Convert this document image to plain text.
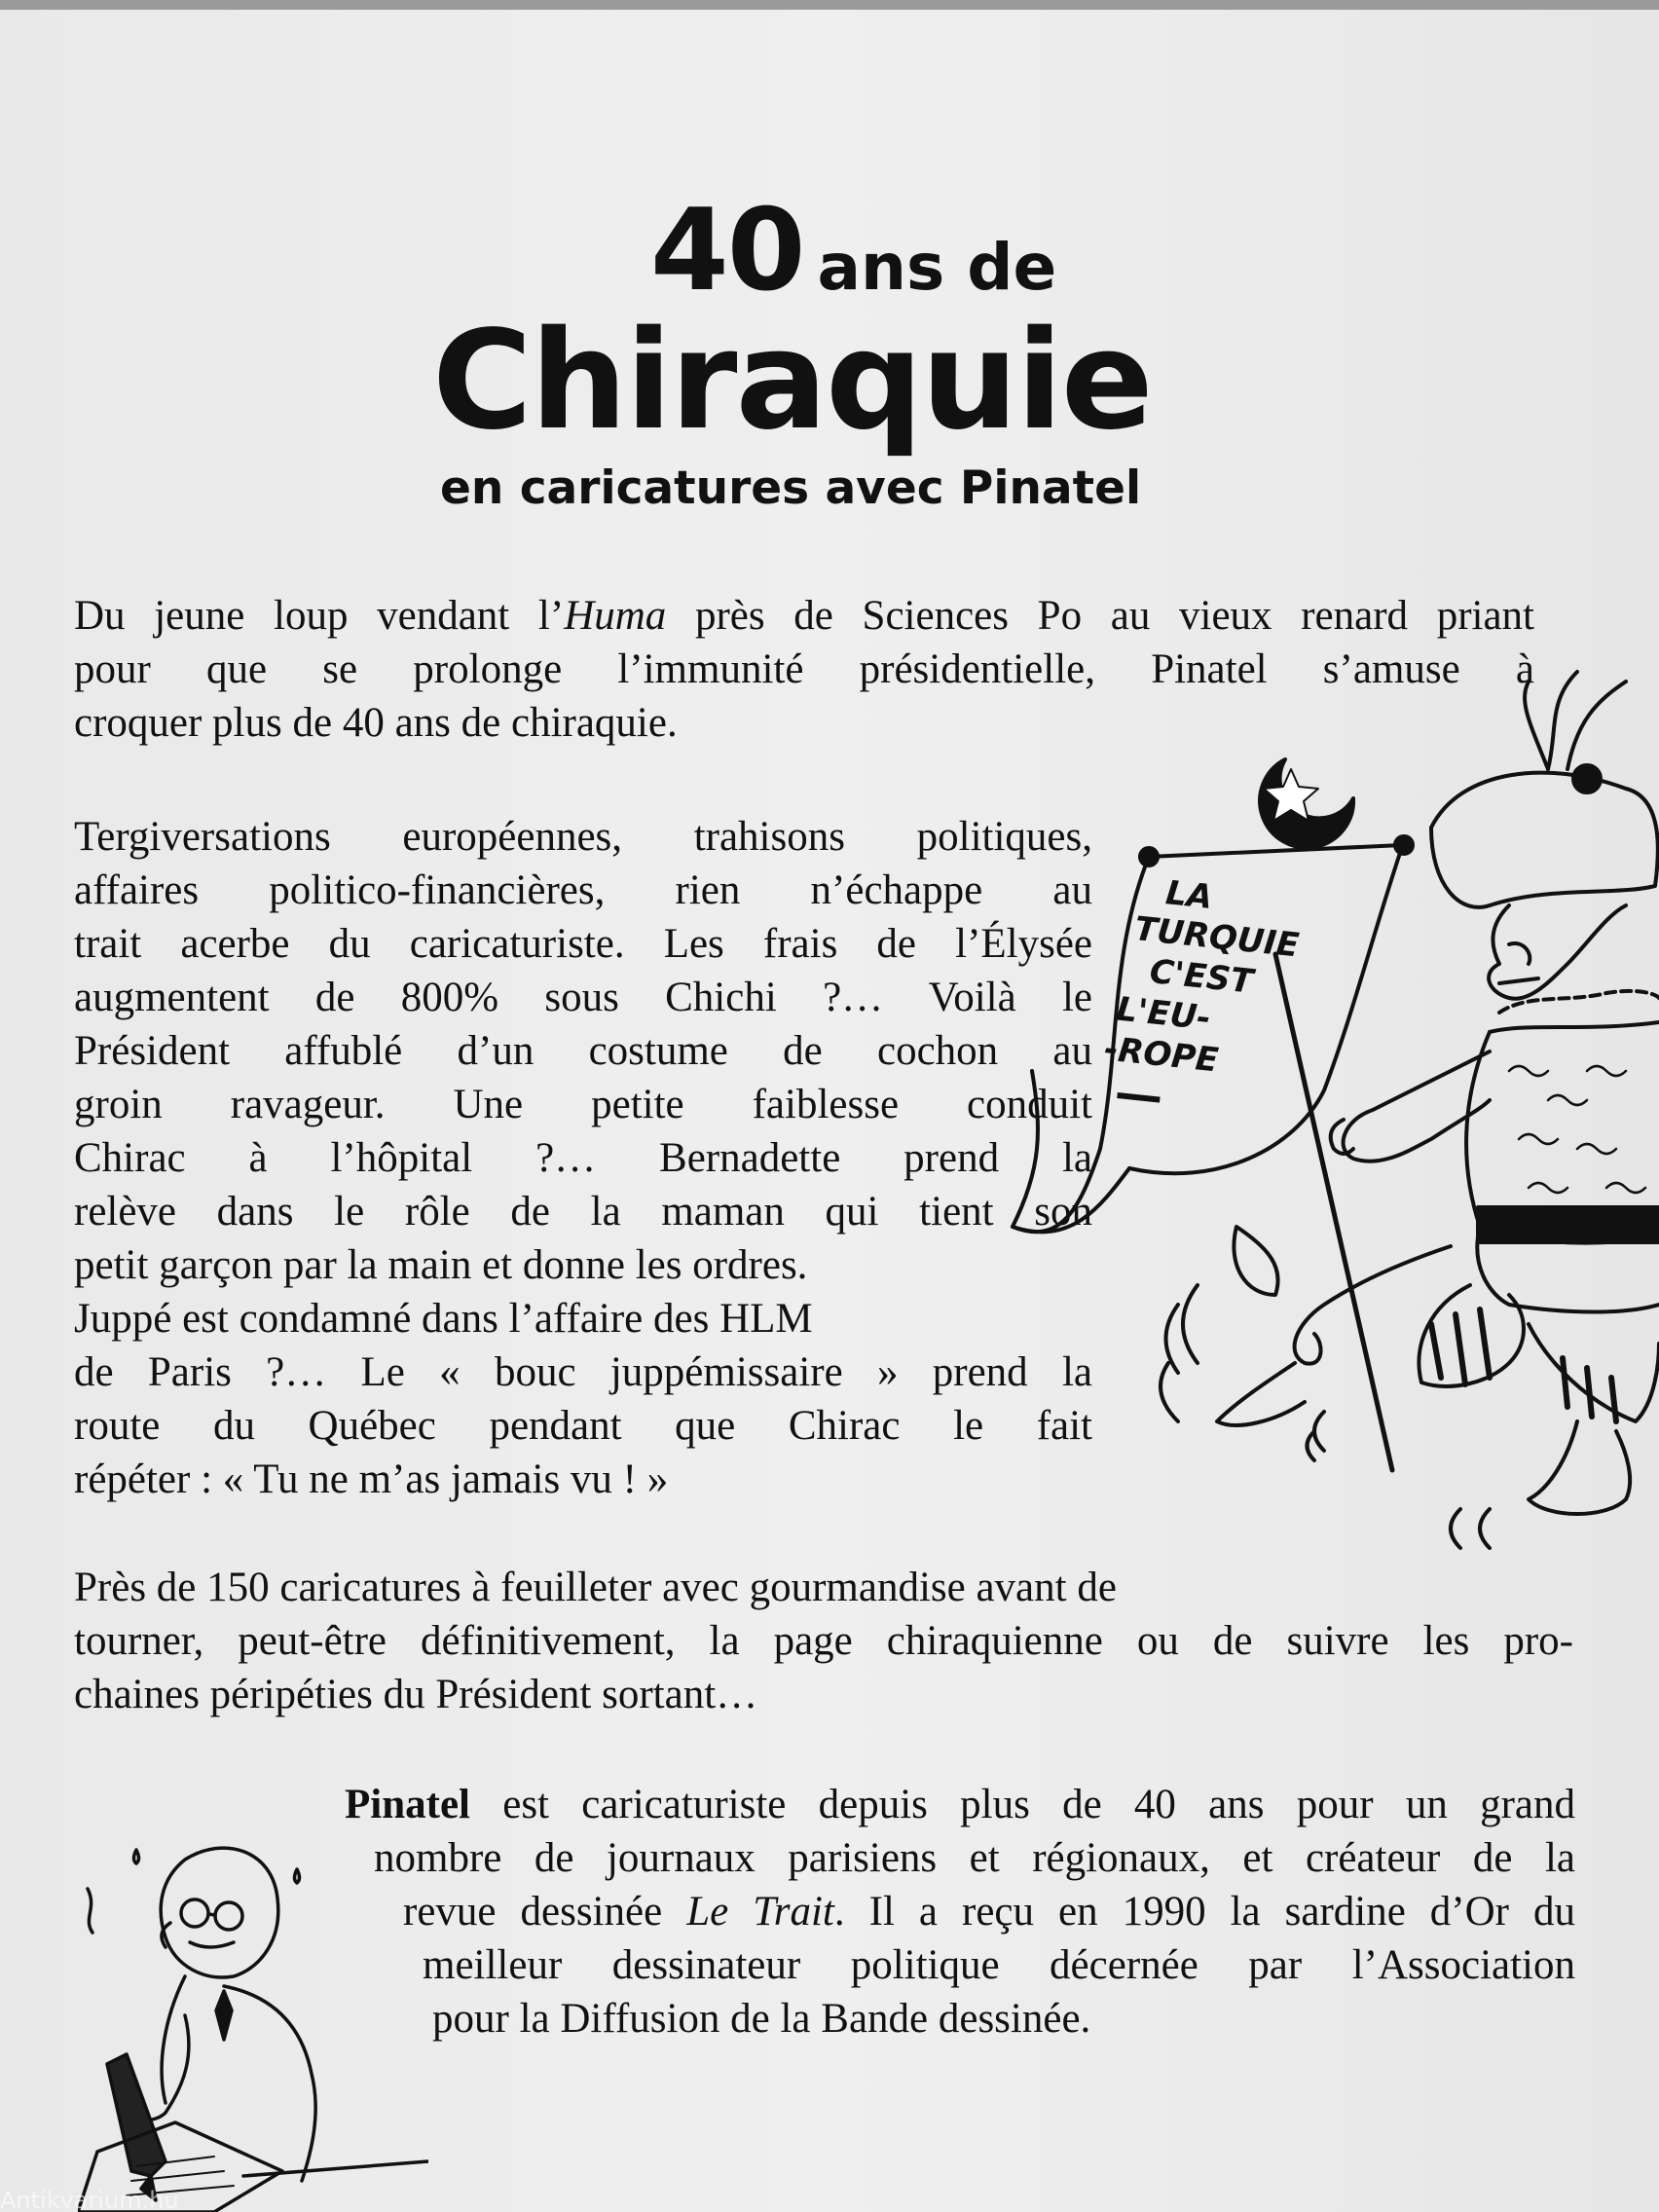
40 ans de
Chiraquie
en caricatures avec Pinatel

Du jeune loup vendant l’Huma près de Sciences Po au vieux renard priant
pour que se prolonge l’immunité présidentielle, Pinatel s’amuse à
croquer plus de 40 ans de chiraquie.

Tergiversations européennes, trahisons politiques,
affaires politico-financières, rien n’échappe au
trait acerbe du caricaturiste. Les frais de l’Élysée
augmentent de 800% sous Chichi ?… Voilà le
Président affublé d’un costume de cochon au
groin ravageur. Une petite faiblesse conduit
Chirac à l’hôpital ?… Bernadette prend la
relève dans le rôle de la maman qui tient son
petit garçon par la main et donne les ordres.
Juppé est condamné dans l’affaire des HLM
de Paris ?… Le « bouc juppémissaire » prend la
route du Québec pendant que Chirac le fait
répéter : « Tu ne m’as jamais vu ! »

Près de 150 caricatures à feuilleter avec gourmandise avant de
tourner, peut-être définitivement, la page chiraquienne ou de suivre les pro-
chaines péripéties du Président sortant…

Pinatel est caricaturiste depuis plus de 40 ans pour un grand
nombre de journaux parisiens et régionaux, et créateur de la
revue dessinée Le Trait. Il a reçu en 1990 la sardine d’Or du
meilleur dessinateur politique décernée par l’Association
pour la Diffusion de la Bande dessinée.

LA
TURQUIE
C'EST
L'EU-
-ROPE
Antikvarium.hu
